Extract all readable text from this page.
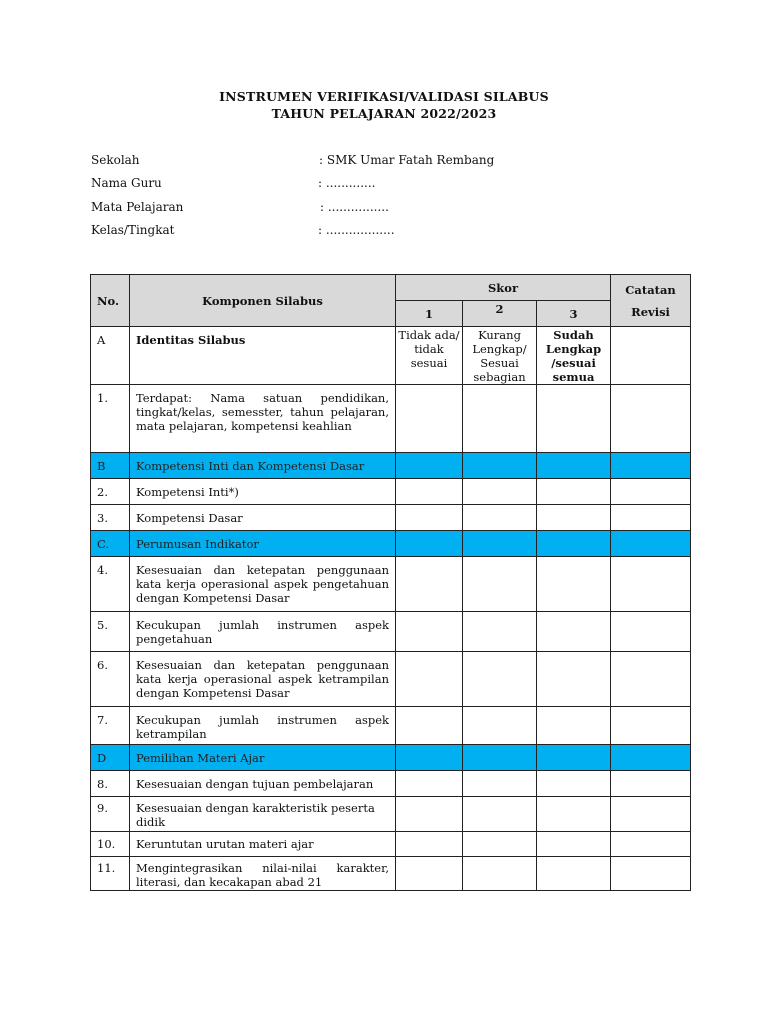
INSTRUMEN VERIFIKASI/VALIDASI SILABUS
TAHUN PELAJARAN 2022/2023
Sekolah	: SMK Umar Fatah Rembang
Nama Guru	: .............
Mata Pelajaran	: ................
Kelas/Tingkat	: ..................
No.	Komponen Silabus	Skor			Catatan
Revisi

		1	2	3	
A	Identitas Silabus	Tidak ada/ tidak sesuai	Kurang Lengkap/ Sesuai sebagian	Sudah Lengkap /sesuai semua	
1.	Terdapat: Nama satuan pendidikan, tingkat/kelas, semesster, tahun pelajaran, mata pelajaran, kompetensi keahlian				
B	Kompetensi Inti dan Kompetensi Dasar				
2.	Kompetensi Inti*)				
3.	Kompetensi Dasar				
C.	Perumusan Indikator				
4.	Kesesuaian dan ketepatan penggunaan kata kerja operasional aspek pengetahuan dengan Kompetensi Dasar				
5.	Kecukupan jumlah instrumen aspek pengetahuan				
6.	Kesesuaian dan ketepatan penggunaan kata kerja operasional aspek ketrampilan dengan Kompetensi Dasar				
7.	Kecukupan jumlah instrumen aspek ketrampilan				
D	Pemilihan Materi Ajar				
8.	Kesesuaian dengan tujuan pembelajaran				
9.	Kesesuaian dengan karakteristik peserta didik				
10.	Keruntutan urutan materi ajar				
11.	Mengintegrasikan nilai-nilai karakter, literasi, dan kecakapan abad 21				
